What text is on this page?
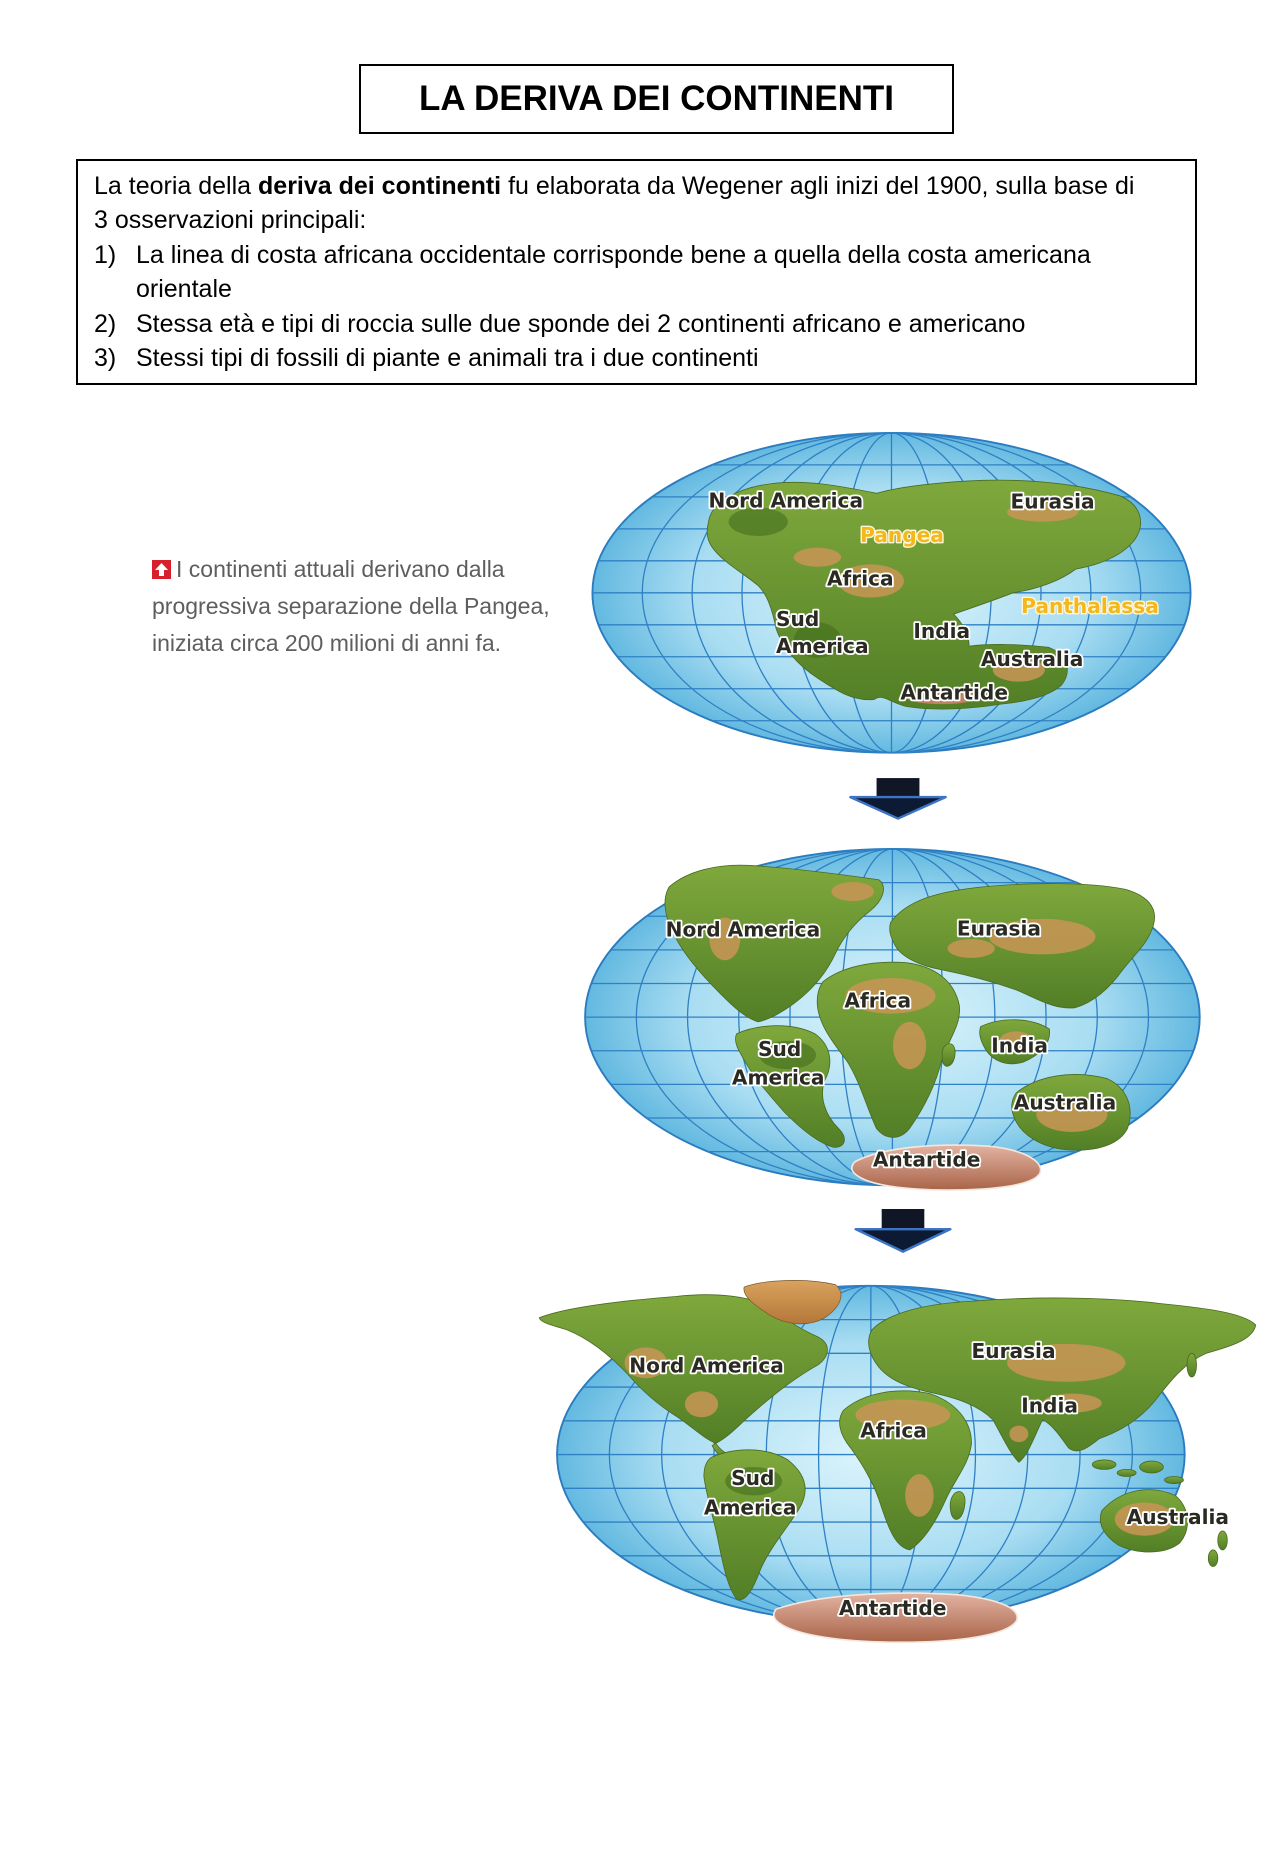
LA DERIVA DEI CONTINENTI
La teoria della deriva dei continenti fu elaborata da Wegener agli inizi del 1900, sulla base di 3 osservazioni principali:
1) La linea di costa africana occidentale corrisponde bene a quella della costa americana orientale
2) Stessa età e tipi di roccia sulle due sponde dei 2 continenti africano e americano
3) Stessi tipi di fossili di piante e animali tra i due continenti
I continenti attuali derivano dalla progressiva separazione della Pangea, iniziata circa 200 milioni di anni fa.
Nord America	Eurasia
Pangea
Africa
Sud
America
India
Panthalassa
Australia
Antartide
Nord America	Eurasia
Africa
Sud
America
India
Australia
Antartide
Nord America
Eurasia
India
Africa
Sud
America	Australia
Antartide
